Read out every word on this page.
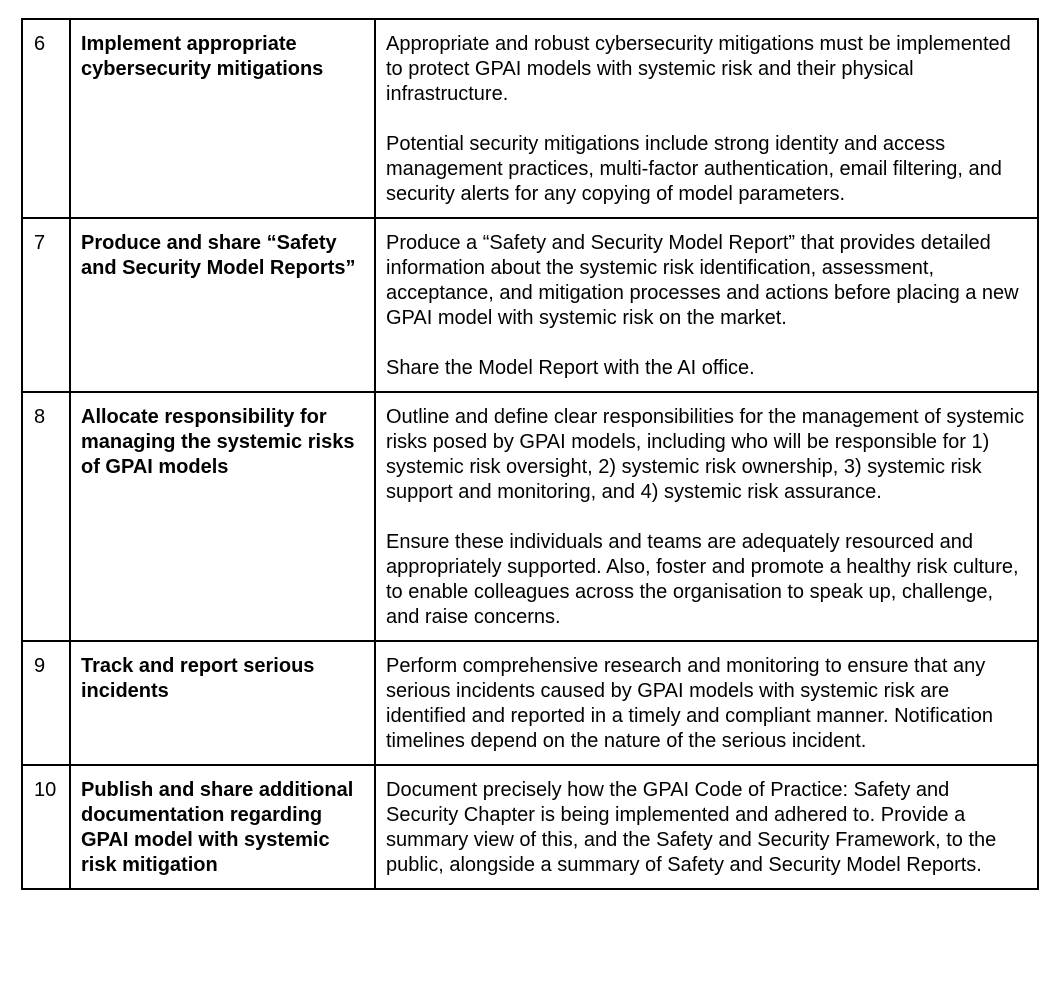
6	Implement appropriate cybersecurity mitigations	Appropriate and robust cybersecurity mitigations must be implemented to protect GPAI models with systemic risk and their physical infrastructure.

Potential security mitigations include strong identity and access management practices, multi-factor authentication, email filtering, and security alerts for any copying of model parameters.

7	Produce and share “Safety and Security Model Reports”	Produce a “Safety and Security Model Report” that provides detailed information about the systemic risk identification, assessment, acceptance, and mitigation processes and actions before placing a new GPAI model with systemic risk on the market.

Share the Model Report with the AI office.

8	Allocate responsibility for managing the systemic risks of GPAI models	Outline and define clear responsibilities for the management of systemic risks posed by GPAI models, including who will be responsible for 1) systemic risk oversight, 2) systemic risk ownership, 3) systemic risk support and monitoring, and 4) systemic risk assurance.

Ensure these individuals and teams are adequately resourced and appropriately supported. Also, foster and promote a healthy risk culture, to enable colleagues across the organisation to speak up, challenge, and raise concerns.

9	Track and report serious incidents	Perform comprehensive research and monitoring to ensure that any serious incidents caused by GPAI models with systemic risk are identified and reported in a timely and compliant manner. Notification timelines depend on the nature of the serious incident.

10	Publish and share additional documentation regarding GPAI model with systemic risk mitigation	Document precisely how the GPAI Code of Practice: Safety and Security Chapter is being implemented and adhered to. Provide a summary view of this, and the Safety and Security Framework, to the public, alongside a summary of Safety and Security Model Reports.
